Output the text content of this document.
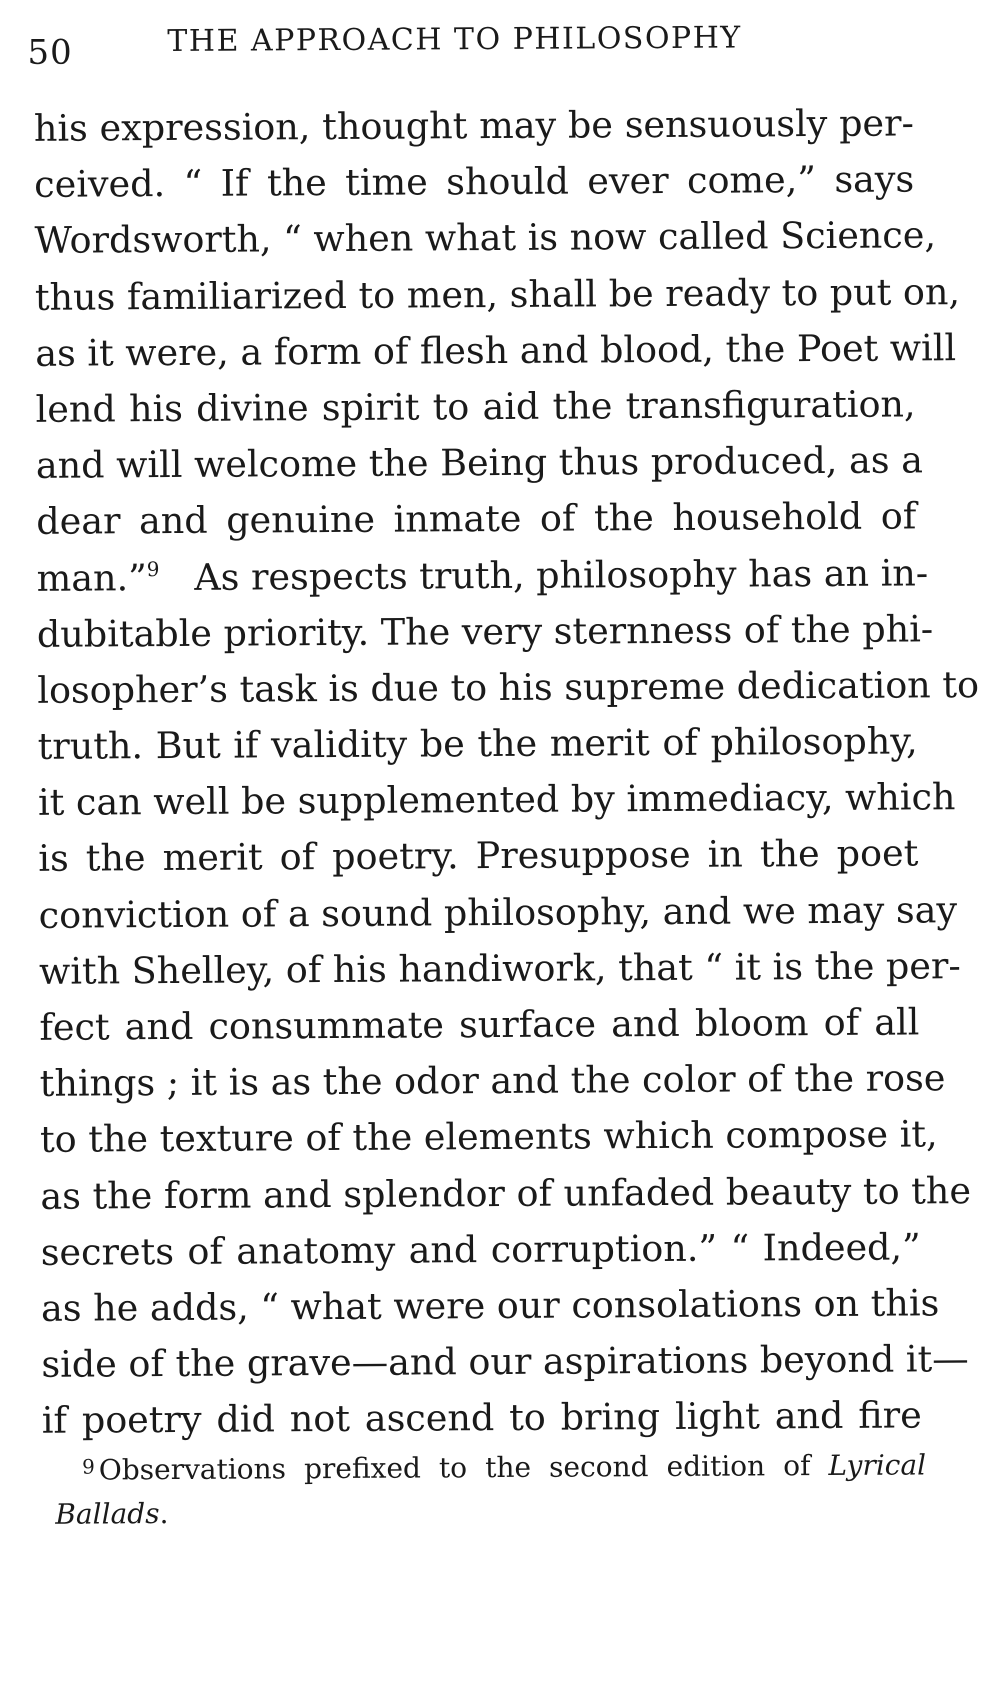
50	THE APPROACH TO PHILOSOPHY
his expression, thought may be sensuously per-
ceived. “ If the time should ever come,” says
Wordsworth, “ when what is now called Science,
thus familiarized to men, shall be ready to put on,
as it were, a form of flesh and blood, the Poet will
lend his divine spirit to aid the transfiguration,
and will welcome the Being thus produced, as a
dear and genuine inmate of the household of
man.”$^9$ As respects truth, philosophy has an in-
dubitable priority. The very sternness of the phi-
losopher’s task is due to his supreme dedication to
truth. But if validity be the merit of philosophy,
it can well be supplemented by immediacy, which
is the merit of poetry. Presuppose in the poet
conviction of a sound philosophy, and we may say
with Shelley, of his handiwork, that “ it is the per-
fect and consummate surface and bloom of all
things ; it is as the odor and the color of the rose
to the texture of the elements which compose it,
as the form and splendor of unfaded beauty to the
secrets of anatomy and corruption.” “ Indeed,”
as he adds, “ what were our consolations on this
side of the grave—and our aspirations beyond it—
if poetry did not ascend to bring light and fire
$^9$ Observations prefixed to the second edition of Lyrical
Ballads.
